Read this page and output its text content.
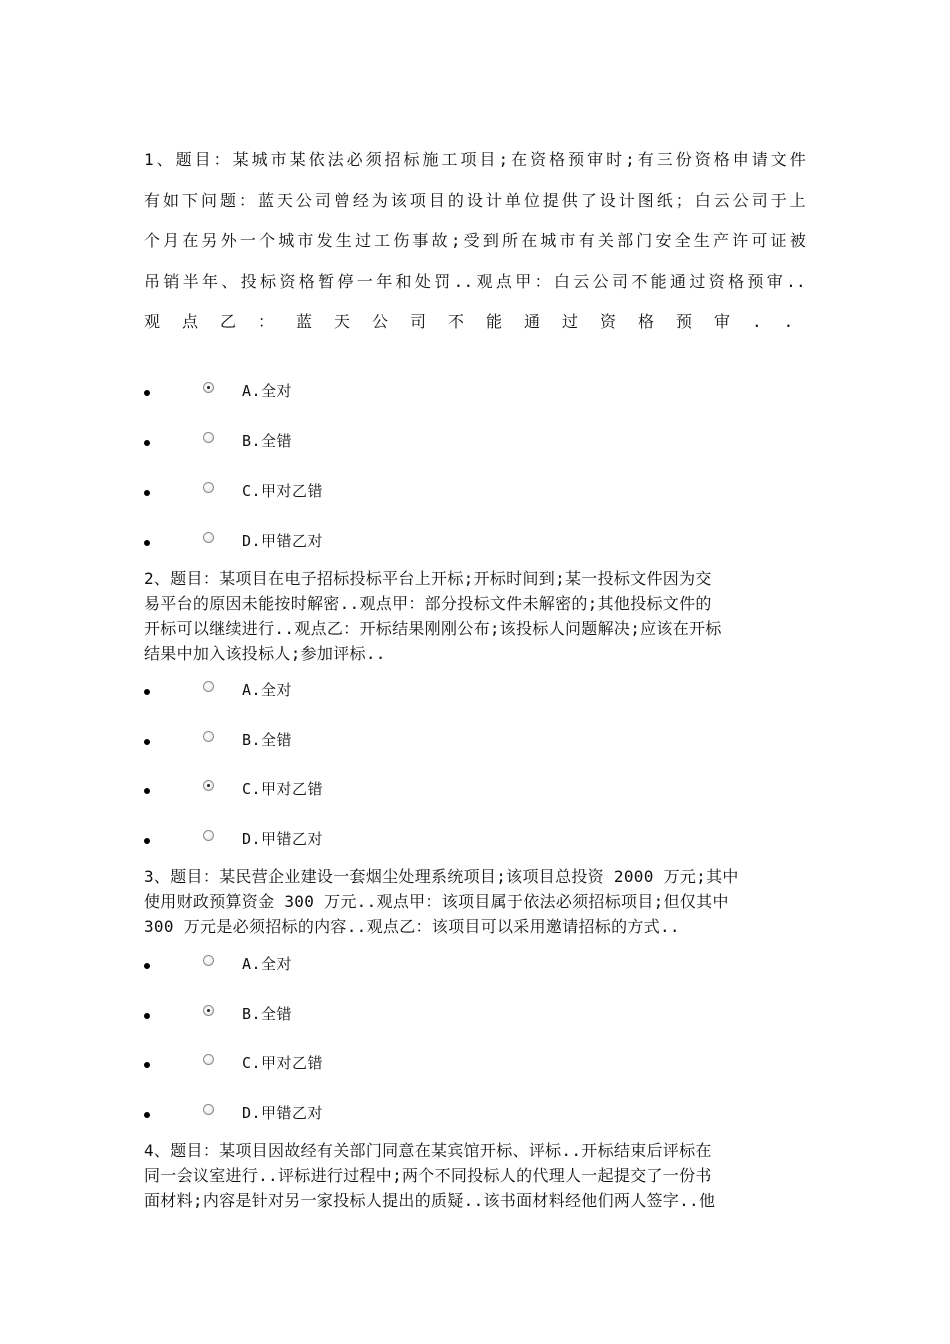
1、题目：某城市某依法必须招标施工项目;在资格预审时;有三份资格申请文件
有如下问题：蓝天公司曾经为该项目的设计单位提供了设计图纸；白云公司于上
个月在另外一个城市发生过工伤事故;受到所在城市有关部门安全生产许可证被
吊销半年、投标资格暂停一年和处罚..观点甲：白云公司不能通过资格预审..
观点乙：蓝天公司不能通过资格预审..
A.全对
B.全错
C.甲对乙错
D.甲错乙对
2、题目：某项目在电子招标投标平台上开标;开标时间到;某一投标文件因为交
易平台的原因未能按时解密..观点甲：部分投标文件未解密的;其他投标文件的
开标可以继续进行..观点乙：开标结果刚刚公布;该投标人问题解决;应该在开标
结果中加入该投标人;参加评标..
A.全对
B.全错
C.甲对乙错
D.甲错乙对
3、题目：某民营企业建设一套烟尘处理系统项目;该项目总投资 2000 万元;其中
使用财政预算资金 300 万元..观点甲：该项目属于依法必须招标项目;但仅其中
300 万元是必须招标的内容..观点乙：该项目可以采用邀请招标的方式..
A.全对
B.全错
C.甲对乙错
D.甲错乙对
4、题目：某项目因故经有关部门同意在某宾馆开标、评标..开标结束后评标在
同一会议室进行..评标进行过程中;两个不同投标人的代理人一起提交了一份书
面材料;内容是针对另一家投标人提出的质疑..该书面材料经他们两人签字..他
